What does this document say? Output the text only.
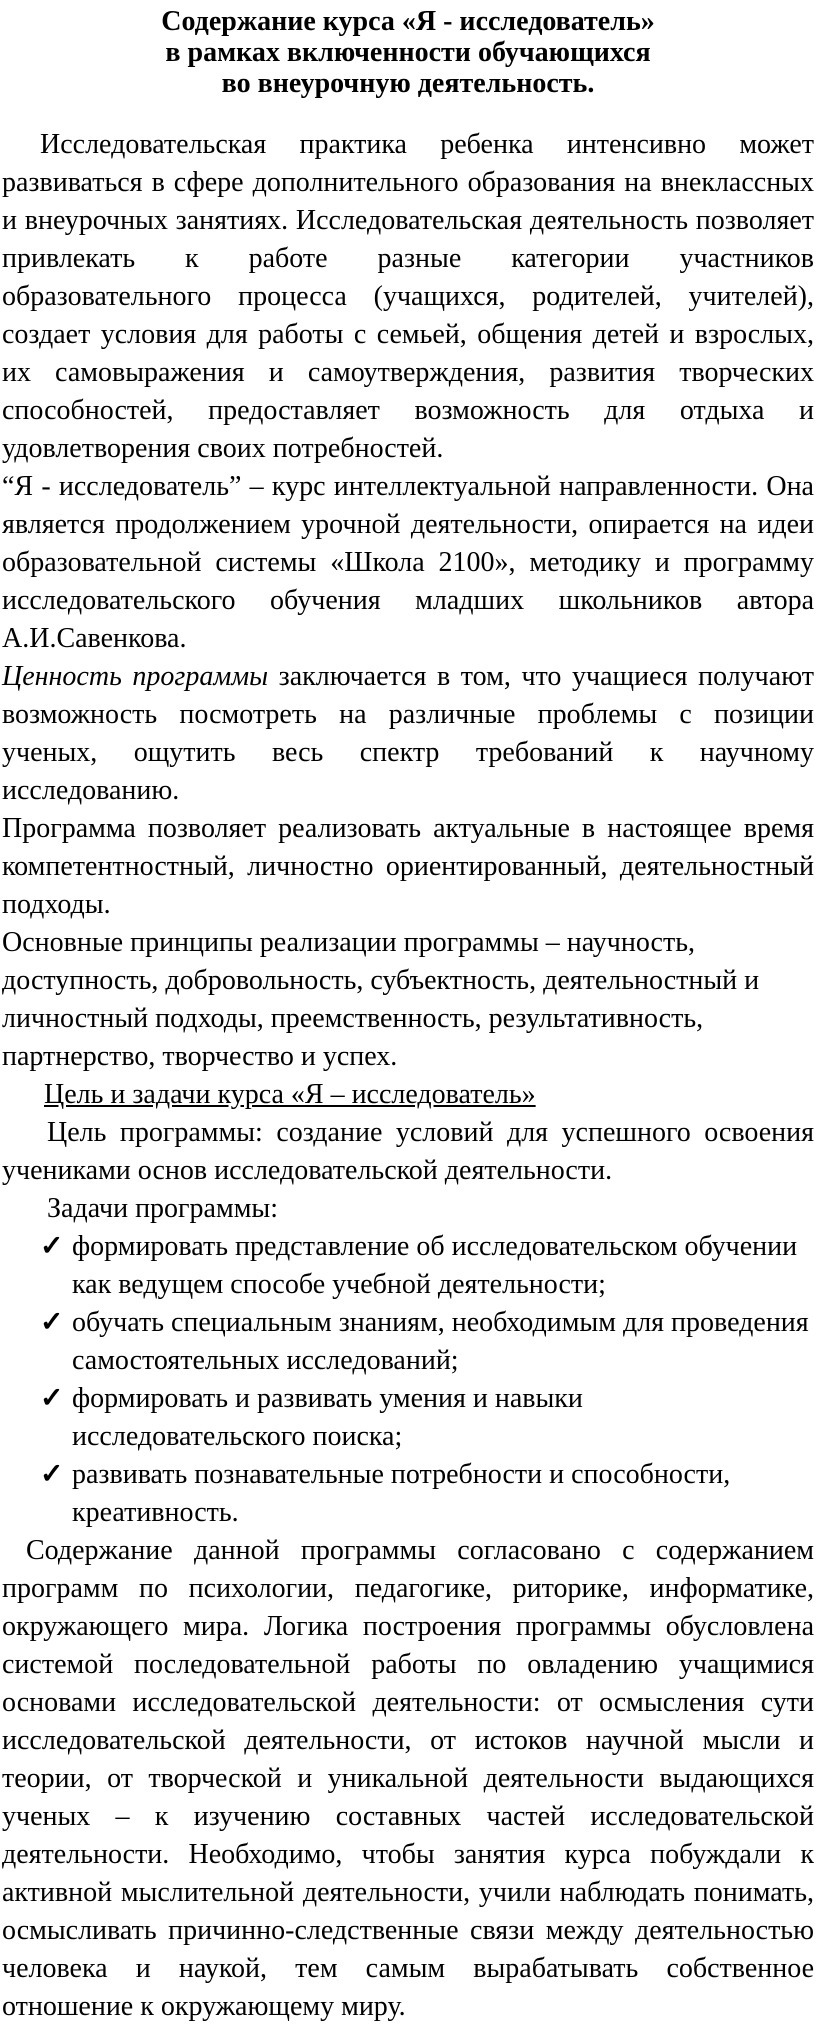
Содержание курса «Я - исследователь»
в рамках включенности обучающихся
во внеурочную деятельность.

Исследовательская практика ребенка интенсивно может развиваться в сфере дополнительного образования на внеклассных и внеурочных занятиях. Исследовательская деятельность позволяет привлекать к работе разные категории участников образовательного процесса (учащихся, родителей, учителей), создает условия для работы с семьей, общения детей и взрослых, их самовыражения и самоутверждения, развития творческих способностей, предоставляет возможность для отдыха и удовлетворения своих потребностей.

“Я - исследователь” – курс интеллектуальной направленности. Она является продолжением урочной деятельности, опирается на идеи образовательной системы «Школа 2100», методику и программу исследовательского обучения младших школьников автора А.И.Савенкова.

Ценность программы заключается в том, что учащиеся получают возможность посмотреть на различные проблемы с позиции ученых, ощутить весь спектр требований к научному исследованию.

Программа позволяет реализовать актуальные в настоящее время компетентностный, личностно ориентированный, деятельностный подходы.

Основные принципы реализации программы – научность, доступность, добровольность, субъектность, деятельностный и личностный подходы, преемственность, результативность, партнерство, творчество и успех.

Цель и задачи курса «Я – исследователь»

Цель программы: создание условий для успешного освоения учениками основ исследовательской деятельности.

Задачи программы:

✓ формировать представление об исследовательском обучении как ведущем способе учебной деятельности;
✓ обучать специальным знаниям, необходимым для проведения самостоятельных исследований;
✓ формировать и развивать умения и навыки исследовательского поиска;
✓ развивать познавательные потребности и способности, креативность.

Содержание данной программы согласовано с содержанием программ по психологии, педагогике, риторике, информатике, окружающего мира. Логика построения программы обусловлена системой последовательной работы по овладению учащимися основами исследовательской деятельности: от осмысления сути исследовательской деятельности, от истоков научной мысли и теории, от творческой и уникальной деятельности выдающихся ученых – к изучению составных частей исследовательской деятельности. Необходимо, чтобы занятия курса побуждали к активной мыслительной деятельности, учили наблюдать понимать, осмысливать причинно-следственные связи между деятельностью человека и наукой, тем самым вырабатывать собственное отношение к окружающему миру.
